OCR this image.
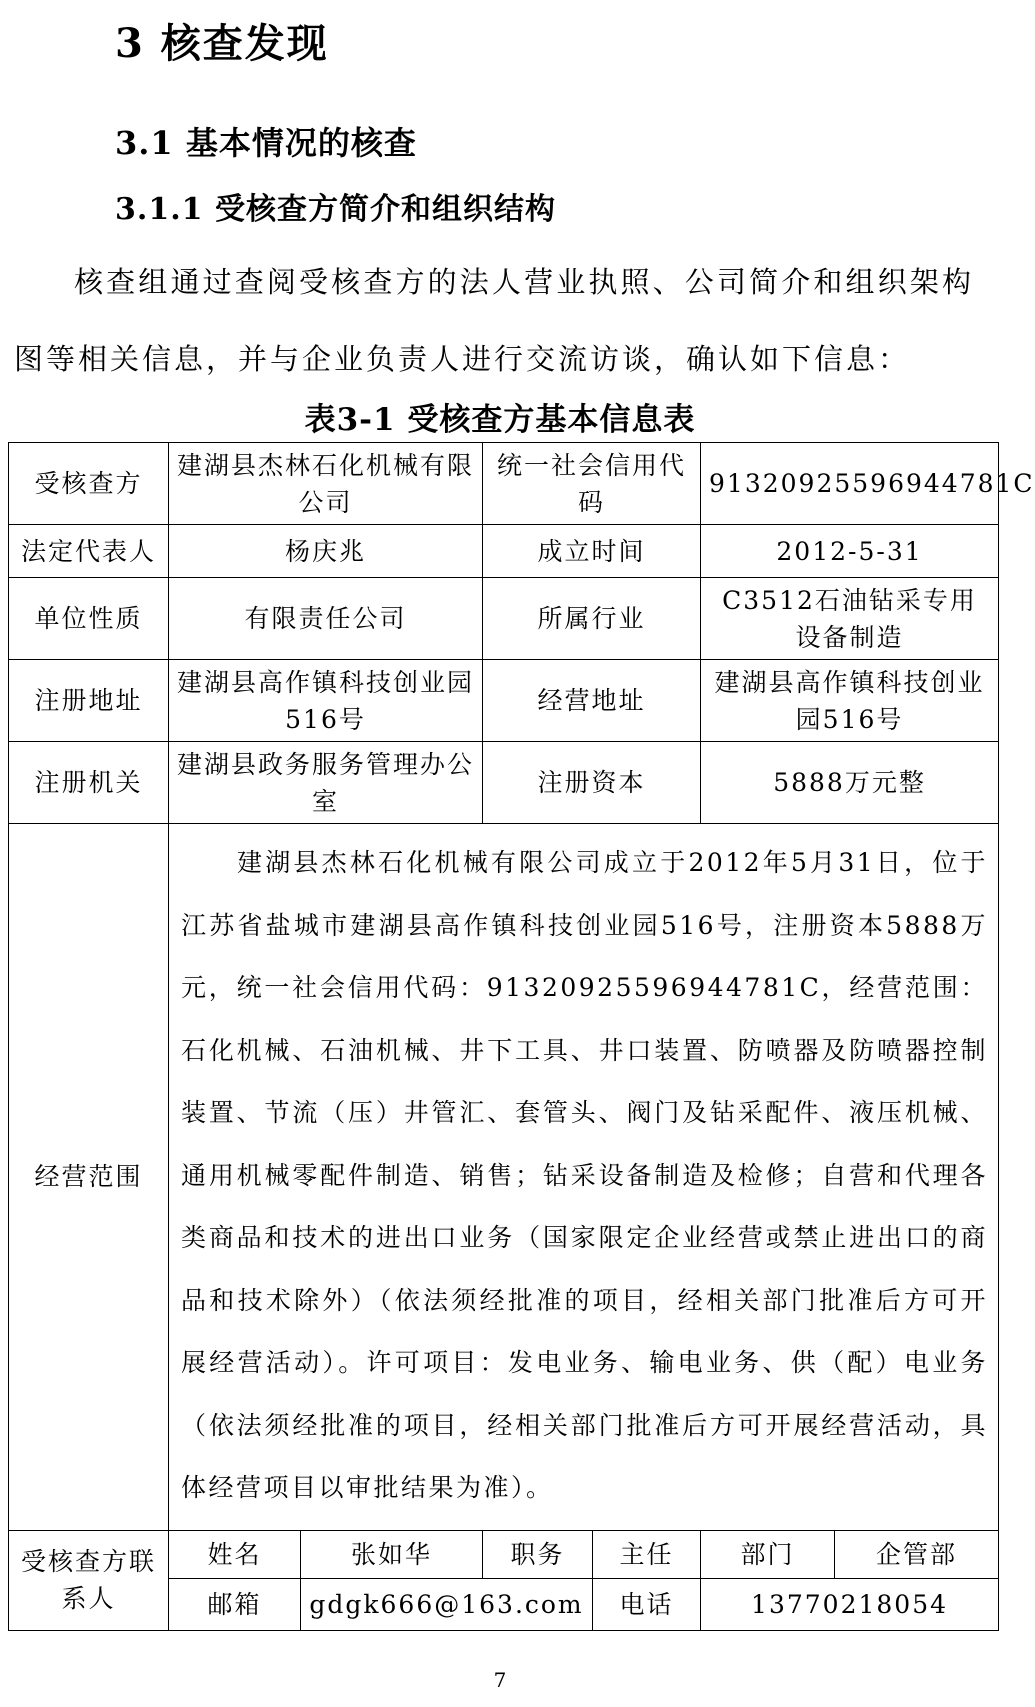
3 核查发现
3.1 基本情况的核查
3.1.1 受核查方简介和组织结构
核查组通过查阅受核查方的法人营业执照、公司简介和组织架构图等相关信息，并与企业负责人进行交流访谈，确认如下信息：
表3-1 受核查方基本信息表
受核查方	建湖县杰林石化机械有限公司		统一社会信用代码		91320925596944781C	
法定代表人	杨庆兆		成立时间		2012-5-31	
单位性质	有限责任公司		所属行业		C3512石油钻采专用设备制造	
注册地址	建湖县高作镇科技创业园516号		经营地址		建湖县高作镇科技创业园516号	
注册机关	建湖县政务服务管理办公室		注册资本		5888万元整	
经营范围	建湖县杰林石化机械有限公司成立于2012年5月31日，位于江苏省盐城市建湖县高作镇科技创业园516号，注册资本5888万元，统一社会信用代码：91320925596944781C，经营范围：石化机械、石油机械、井下工具、井口装置、防喷器及防喷器控制装置、节流（压）井管汇、套管头、阀门及钻采配件、液压机械、通用机械零配件制造、销售；钻采设备制造及检修；自营和代理各类商品和技术的进出口业务（国家限定企业经营或禁止进出口的商品和技术除外）（依法须经批准的项目，经相关部门批准后方可开展经营活动）。许可项目：发电业务、输电业务、供（配）电业务（依法须经批准的项目，经相关部门批准后方可开展经营活动，具体经营项目以审批结果为准）。					

受核查方联系人	姓名	张如华	职务	主任	部门	企管部
	邮箱	gdgk666@163.com		电话	13770218054	
7
